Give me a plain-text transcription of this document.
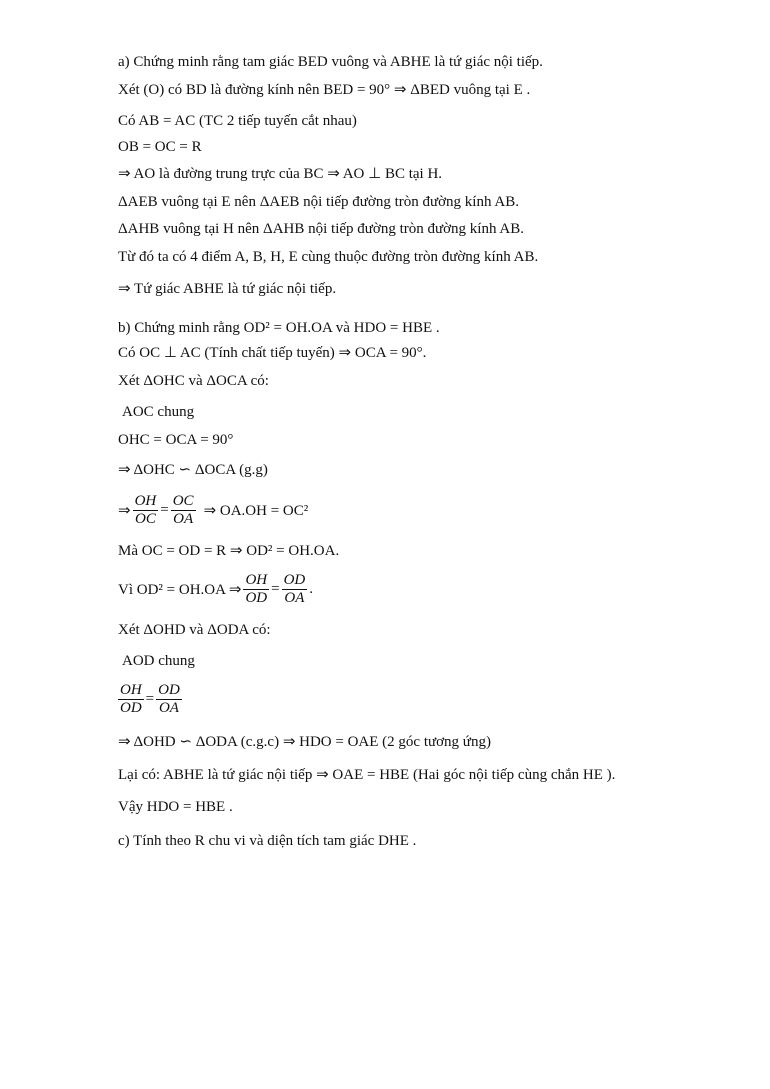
a) Chứng minh rằng tam giác BED vuông và ABHE là tứ giác nội tiếp.
Xét (O) có BD là đường kính nên BED = 90° ⇒ ΔBED vuông tại E .
Có AB = AC (TC 2 tiếp tuyến cắt nhau)
OB = OC = R
⇒ AO là đường trung trực của BC ⇒ AO ⊥ BC tại H.
ΔAEB vuông tại E nên ΔAEB nội tiếp đường tròn đường kính AB.
ΔAHB vuông tại H nên ΔAHB nội tiếp đường tròn đường kính AB.
Từ đó ta có 4 điểm A, B, H, E cùng thuộc đường tròn đường kính AB.
⇒ Tứ giác ABHE là tứ giác nội tiếp.
b) Chứng minh rằng OD² = OH.OA và HDO = HBE .
Có OC ⊥ AC (Tính chất tiếp tuyến) ⇒ OCA = 90°.
Xét ΔOHC và ΔOCA có:
AOC chung
OHC = OCA = 90°
⇒ ΔOHC ∽ ΔOCA (g.g)
⇒ $\frac{OH}{OC} = \frac{OC}{OA}$ ⇒ OA.OH = OC²
Mà OC = OD = R ⇒ OD² = OH.OA.
Vì OD² = OH.OA ⇒ $\frac{OH}{OD} = \frac{OD}{OA}$ .
Xét ΔOHD và ΔODA có:
AOD chung
$\frac{OH}{OD} = \frac{OD}{OA}$
⇒ ΔOHD ∽ ΔODA (c.g.c) ⇒ HDO = OAE (2 góc tương ứng)
Lại có: ABHE là tứ giác nội tiếp ⇒ OAE = HBE (Hai góc nội tiếp cùng chắn HE ).
Vậy HDO = HBE .
c) Tính theo R chu vi và diện tích tam giác DHE .
